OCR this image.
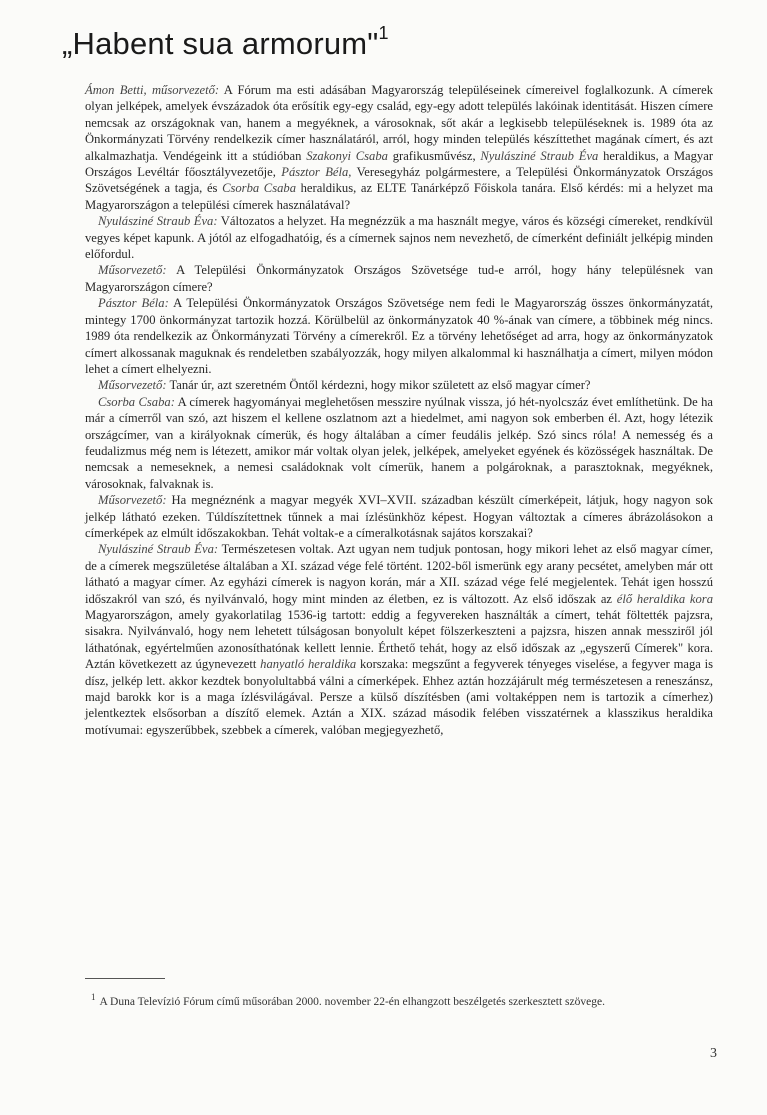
„Habent sua armorum"$^1$

Ámon Betti, műsorvezető: A Fórum ma esti adásában Magyarország településeinek címereivel foglalkozunk. A címerek olyan jelképek, amelyek évszázadok óta erősítik egy-egy család, egy-egy adott település lakóinak identitását. Hiszen címere nemcsak az országoknak van, hanem a megyéknek, a városoknak, sőt akár a legkisebb településeknek is. 1989 óta az Önkormányzati Törvény rendelkezik címer használatáról, arról, hogy minden település készíttethet magának címert, és azt alkalmazhatja. Vendégeink itt a stúdióban Szakonyi Csaba grafikusművész, Nyulásziné Straub Éva heraldikus, a Magyar Országos Levéltár főosztályvezetője, Pásztor Béla, Veresegyház polgármestere, a Települési Önkormányzatok Országos Szövetségének a tagja, és Csorba Csaba heraldikus, az ELTE Tanárképző Főiskola tanára. Első kérdés: mi a helyzet ma Magyarországon a települési címerek használatával?

Nyulásziné Straub Éva: Változatos a helyzet. Ha megnézzük a ma használt megye, város és községi címereket, rendkívül vegyes képet kapunk. A jótól az elfogadhatóig, és a címernek sajnos nem nevezhető, de címerként definiált jelképig minden előfordul.

Műsorvezető: A Települési Önkormányzatok Országos Szövetsége tud-e arról, hogy hány településnek van Magyarországon címere?

Pásztor Béla: A Települési Önkormányzatok Országos Szövetsége nem fedi le Magyarország összes önkormányzatát, mintegy 1700 önkormányzat tartozik hozzá. Körülbelül az önkormányzatok 40 %-ának van címere, a többinek még nincs. 1989 óta rendelkezik az Önkormányzati Törvény a címerekről. Ez a törvény lehetőséget ad arra, hogy az önkormányzatok címert alkossanak maguknak és rendeletben szabályozzák, hogy milyen alkalommal ki használhatja a címert, milyen módon lehet a címert elhelyezni.

Műsorvezető: Tanár úr, azt szeretném Öntől kérdezni, hogy mikor született az első magyar címer?

Csorba Csaba: A címerek hagyományai meglehetősen messzire nyúlnak vissza, jó hét-nyolcszáz évet említhetünk. De ha már a címerről van szó, azt hiszem el kellene oszlatnom azt a hiedelmet, ami nagyon sok emberben él. Azt, hogy létezik országcímer, van a királyoknak címerük, és hogy általában a címer feudális jelkép. Szó sincs róla! A nemesség és a feudalizmus még nem is létezett, amikor már voltak olyan jelek, jelképek, amelyeket egyének és közösségek használtak. De nemcsak a nemeseknek, a nemesi családoknak volt címerük, hanem a polgároknak, a parasztoknak, megyéknek, városoknak, falvaknak is.

Műsorvezető: Ha megnéznénk a magyar megyék XVI–XVII. században készült címerképeit, látjuk, hogy nagyon sok jelkép látható ezeken. Túldíszítettnek tűnnek a mai ízlésünkhöz képest. Hogyan változtak a címeres ábrázolásokon a címerképek az elmúlt időszakokban. Tehát voltak-e a címeralkotásnak sajátos korszakai?

Nyulásziné Straub Éva: Természetesen voltak. Azt ugyan nem tudjuk pontosan, hogy mikori lehet az első magyar címer, de a címerek megszületése általában a XI. század vége felé történt. 1202-ből ismerünk egy arany pecsétet, amelyben már ott látható a magyar címer. Az egyházi címerek is nagyon korán, már a XII. század vége felé megjelentek. Tehát igen hosszú időszakról van szó, és nyilvánvaló, hogy mint minden az életben, ez is változott. Az első időszak az élő heraldika kora Magyarországon, amely gyakorlatilag 1536-ig tartott: eddig a fegyvereken használták a címert, tehát föltették pajzsra, sisakra. Nyilvánvaló, hogy nem lehetett túlságosan bonyolult képet fölszerkeszteni a pajzsra, hiszen annak messziről jól láthatónak, egyértelműen azonosíthatónak kellett lennie. Érthető tehát, hogy az első időszak az „egyszerű Címerek" kora. Aztán következett az úgynevezett hanyatló heraldika korszaka: megszűnt a fegyverek tényeges viselése, a fegyver maga is dísz, jelkép lett. akkor kezdtek bonyolultabbá válni a címerképek. Ehhez aztán hozzájárult még természetesen a reneszánsz, majd barokk kor is a maga ízlésvilágával. Persze a külső díszítésben (ami voltaképpen nem is tartozik a címerhez) jelentkeztek elsősorban a díszítő elemek. Aztán a XIX. század második felében visszatérnek a klasszikus heraldika motívumai: egyszerűbbek, szebbek a címerek, valóban megjegyezhető,

$^1$ A Duna Televízió Fórum című műsorában 2000. november 22-én elhangzott beszélgetés szerkesztett szövege.
3
